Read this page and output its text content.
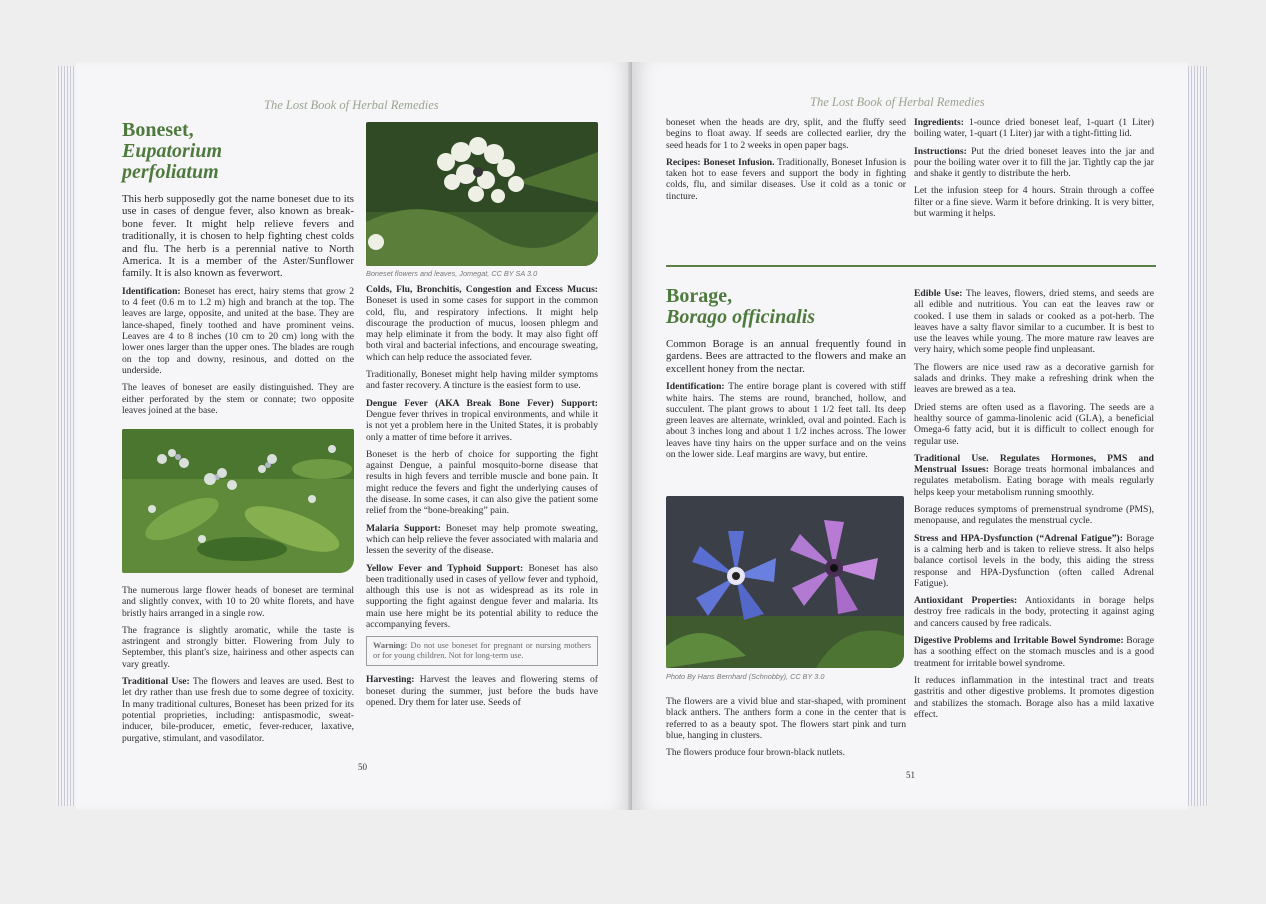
The Lost Book of Herbal Remedies
Boneset,
Eupatorium
perfoliatum

This herb supposedly got the name boneset due to its use in cases of dengue fever, also known as break-bone fever. It might help relieve fevers and traditionally, it is chosen to help fighting chest colds and flu. The herb is a perennial native to North America. It is a member of the Aster/Sunflower family. It is also known as feverwort.

Identification: Boneset has erect, hairy stems that grow 2 to 4 feet (0.6 m to 1.2 m) high and branch at the top. The leaves are large, opposite, and united at the base. They are lance-shaped, finely toothed and have prominent veins. Leaves are 4 to 8 inches (10 cm to 20 cm) long with the lower ones larger than the upper ones. The blades are rough on the top and downy, resinous, and dotted on the underside.

The leaves of boneset are easily distinguished. They are either perforated by the stem or connate; two opposite leaves joined at the base.

The numerous large flower heads of boneset are terminal and slightly convex, with 10 to 20 white florets, and have bristly hairs arranged in a single row.

The fragrance is slightly aromatic, while the taste is astringent and strongly bitter. Flowering from July to September, this plant's size, hairiness and other aspects can vary greatly.

Traditional Use: The flowers and leaves are used. Best to let dry rather than use fresh due to some degree of toxicity. In many traditional cultures, Boneset has been prized for its potential proprieties, including: antispasmodic, sweat-inducer, bile-producer, emetic, fever-reducer, laxative, purgative, stimulant, and vasodilator.

Boneset flowers and leaves, Jomegat, CC BY SA 3.0

Colds, Flu, Bronchitis, Congestion and Excess Mucus: Boneset is used in some cases for support in the common cold, flu, and respiratory infections. It might help discourage the production of mucus, loosen phlegm and may help eliminate it from the body. It may also fight off both viral and bacterial infections, and encourage sweating, which can help reduce the associated fever.

Traditionally, Boneset might help having milder symptoms and faster recovery. A tincture is the easiest form to use.

Dengue Fever (AKA Break Bone Fever) Support: Dengue fever thrives in tropical environments, and while it is not yet a problem here in the United States, it is probably only a matter of time before it arrives.

Boneset is the herb of choice for supporting the fight against Dengue, a painful mosquito-borne disease that results in high fevers and terrible muscle and bone pain. It might reduce the fevers and fight the underlying causes of the disease. In some cases, it can also give the patient some relief from the “bone-breaking” pain.

Malaria Support: Boneset may help promote sweating, which can help relieve the fever associated with malaria and lessen the severity of the disease.

Yellow Fever and Typhoid Support: Boneset has also been traditionally used in cases of yellow fever and typhoid, although this use is not as widespread as its role in supporting the fight against dengue fever and malaria. Its main use here might be its potential ability to reduce the accompanying fevers.

Warning: Do not use boneset for pregnant or nursing mothers or for young children. Not for long-term use.

Harvesting: Harvest the leaves and flowering stems of boneset during the summer, just before the buds have opened. Dry them for later use. Seeds of

50
The Lost Book of Herbal Remedies

boneset when the heads are dry, split, and the fluffy seed begins to float away. If seeds are collected earlier, dry the seed heads for 1 to 2 weeks in open paper bags.

Recipes: Boneset Infusion. Traditionally, Boneset Infusion is taken hot to ease fevers and support the body in fighting colds, flu, and similar diseases. Use it cold as a tonic or tincture.

Ingredients: 1-ounce dried boneset leaf, 1-quart (1 Liter) boiling water, 1-quart (1 Liter) jar with a tight-fitting lid.

Instructions: Put the dried boneset leaves into the jar and pour the boiling water over it to fill the jar. Tightly cap the jar and shake it gently to distribute the herb.

Let the infusion steep for 4 hours. Strain through a coffee filter or a fine sieve. Warm it before drinking. It is very bitter, but warming it helps.

Borage,
Borago officinalis

Common Borage is an annual frequently found in gardens. Bees are attracted to the flowers and make an excellent honey from the nectar.

Identification: The entire borage plant is covered with stiff white hairs. The stems are round, branched, hollow, and succulent. The plant grows to about 1 1/2 feet tall. Its deep green leaves are alternate, wrinkled, oval and pointed. Each is about 3 inches long and about 1 1/2 inches across. The lower leaves have tiny hairs on the upper surface and on the veins on the lower side. Leaf margins are wavy, but entire.

Photo By Hans Bernhard (Schnobby), CC BY 3.0

The flowers are a vivid blue and star-shaped, with prominent black anthers. The anthers form a cone in the center that is referred to as a beauty spot. The flowers start pink and turn blue, hanging in clusters.

The flowers produce four brown-black nutlets.

Edible Use: The leaves, flowers, dried stems, and seeds are all edible and nutritious. You can eat the leaves raw or cooked. I use them in salads or cooked as a pot-herb. The leaves have a salty flavor similar to a cucumber. It is best to use the leaves while young. The more mature raw leaves are very hairy, which some people find unpleasant.

The flowers are nice used raw as a decorative garnish for salads and drinks. They make a refreshing drink when the leaves are brewed as a tea.

Dried stems are often used as a flavoring. The seeds are a healthy source of gamma-linolenic acid (GLA), a beneficial Omega-6 fatty acid, but it is difficult to collect enough for regular use.

Traditional Use. Regulates Hormones, PMS and Menstrual Issues: Borage treats hormonal imbalances and regulates metabolism. Eating borage with meals regularly helps keep your metabolism running smoothly.

Borage reduces symptoms of premenstrual syndrome (PMS), menopause, and regulates the menstrual cycle.

Stress and HPA-Dysfunction (“Adrenal Fatigue”): Borage is a calming herb and is taken to relieve stress. It also helps balance cortisol levels in the body, this aiding the stress response and HPA-Dysfunction (often called Adrenal Fatigue).

Antioxidant Properties: Antioxidants in borage helps destroy free radicals in the body, protecting it against aging and cancers caused by free radicals.

Digestive Problems and Irritable Bowel Syndrome: Borage has a soothing effect on the stomach muscles and is a good treatment for irritable bowel syndrome.

It reduces inflammation in the intestinal tract and treats gastritis and other digestive problems. It promotes digestion and stabilizes the stomach. Borage also has a mild laxative effect.

51
